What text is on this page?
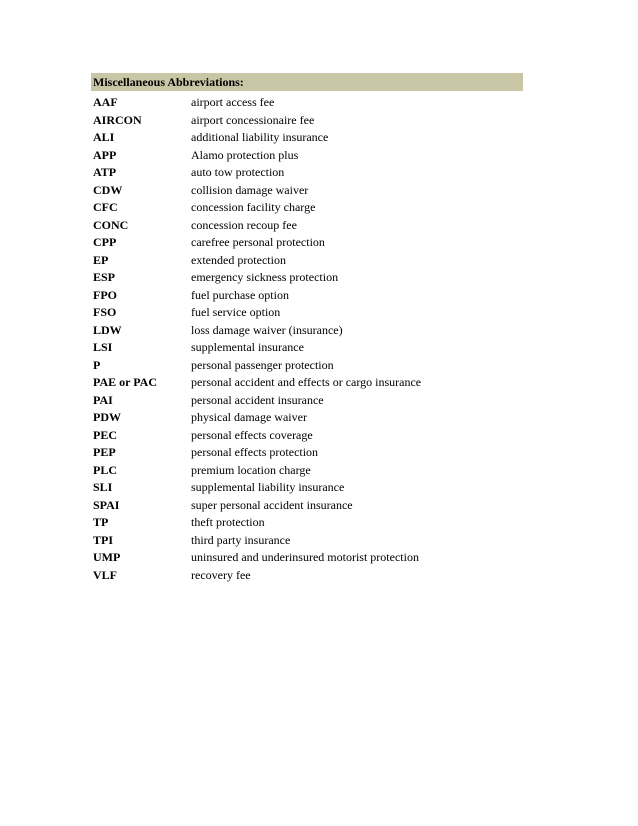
Miscellaneous Abbreviations:
AAF	airport access fee
AIRCON	airport concessionaire fee
ALI	additional liability insurance
APP	Alamo protection plus
ATP	auto tow protection
CDW	collision damage waiver
CFC	concession facility charge
CONC	concession recoup fee
CPP	carefree personal protection
EP	extended protection
ESP	emergency sickness protection
FPO	fuel purchase option
FSO	fuel service option
LDW	loss damage waiver (insurance)
LSI	supplemental insurance
P	personal passenger protection
PAE or PAC	personal accident and effects or cargo insurance
PAI	personal accident insurance
PDW	physical damage waiver
PEC	personal effects coverage
PEP	personal effects protection
PLC	premium location charge
SLI	supplemental liability insurance
SPAI	super personal accident insurance
TP	theft protection
TPI	third party insurance
UMP	uninsured and underinsured motorist protection
VLF	recovery fee
